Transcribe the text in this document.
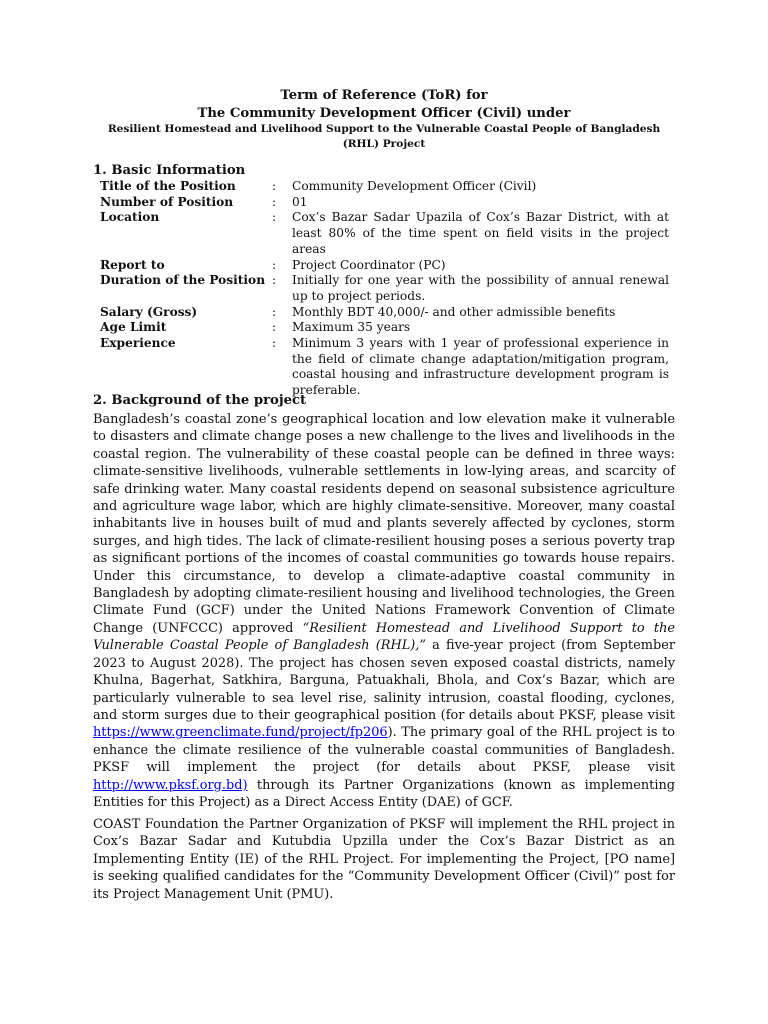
Term of Reference (ToR) for
The Community Development Officer (Civil) under
Resilient Homestead and Livelihood Support to the Vulnerable Coastal People of Bangladesh
(RHL) Project
1. Basic Information
Title of the Position	:	Community Development Officer (Civil)
Number of Position	:	01
Location	:	Cox’s Bazar Sadar Upazila of Cox’s Bazar District, with at least 80% of the time spent on field visits in the project areas
Report to	:	Project Coordinator (PC)
Duration of the Position	:	Initially for one year with the possibility of annual renewal up to project periods.
Salary (Gross)	:	Monthly BDT 40,000/- and other admissible benefits
Age Limit	:	Maximum 35 years
Experience	:	Minimum 3 years with 1 year of professional experience in the field of climate change adaptation/mitigation program, coastal housing and infrastructure development program is preferable.
2. Background of the project

Bangladesh’s coastal zone’s geographical location and low elevation make it vulnerable to disasters and climate change poses a new challenge to the lives and livelihoods in the coastal region. The vulnerability of these coastal people can be defined in three ways: climate-sensitive livelihoods, vulnerable settlements in low-lying areas, and scarcity of safe drinking water. Many coastal residents depend on seasonal subsistence agriculture and agriculture wage labor, which are highly climate-sensitive. Moreover, many coastal inhabitants live in houses built of mud and plants severely affected by cyclones, storm surges, and high tides. The lack of climate-resilient housing poses a serious poverty trap as significant portions of the incomes of coastal communities go towards house repairs. Under this circumstance, to develop a climate-adaptive coastal community in Bangladesh by adopting climate-resilient housing and livelihood technologies, the Green Climate Fund (GCF) under the United Nations Framework Convention of Climate Change (UNFCCC) approved “Resilient Homestead and Livelihood Support to the Vulnerable Coastal People of Bangladesh (RHL),” a five-year project (from September 2023 to August 2028). The project has chosen seven exposed coastal districts, namely Khulna, Bagerhat, Satkhira, Barguna, Patuakhali, Bhola, and Cox’s Bazar, which are particularly vulnerable to sea level rise, salinity intrusion, coastal flooding, cyclones, and storm surges due to their geographical position (for details about PKSF, please visit https://www.greenclimate.fund/project/fp206). The primary goal of the RHL project is to enhance the climate resilience of the vulnerable coastal communities of Bangladesh. PKSF will implement the project (for details about PKSF, please visit http://www.pksf.org.bd) through its Partner Organizations (known as implementing Entities for this Project) as a Direct Access Entity (DAE) of GCF.

COAST Foundation the Partner Organization of PKSF will implement the RHL project in Cox’s Bazar Sadar and Kutubdia Upzilla under the Cox’s Bazar District as an Implementing Entity (IE) of the RHL Project. For implementing the Project, [PO name] is seeking qualified candidates for the “Community Development Officer (Civil)” post for its Project Management Unit (PMU).
